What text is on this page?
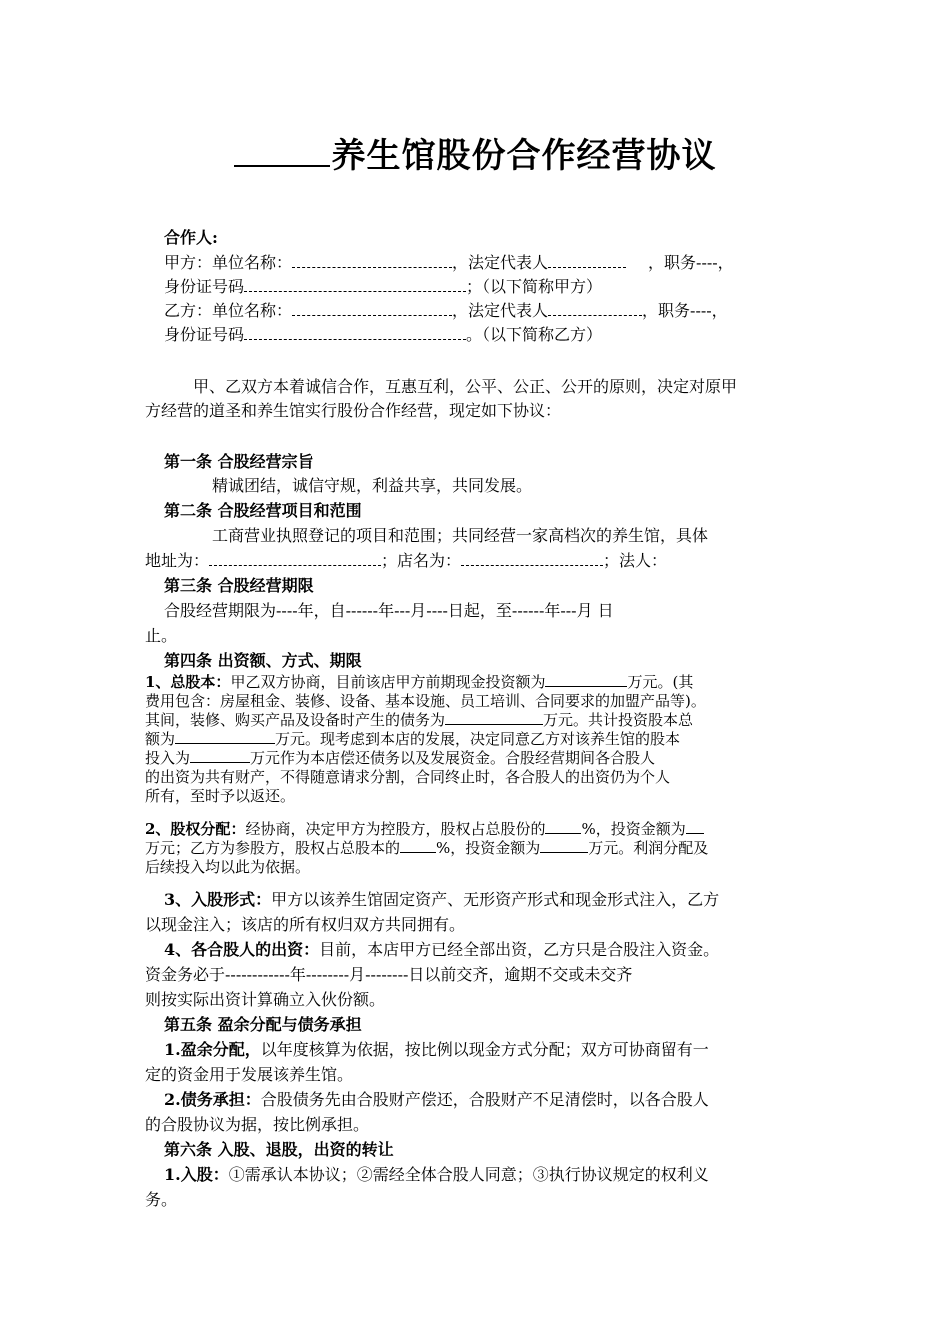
养生馆股份合作经营协议
合作人:
甲方：单位名称：	，法定代表人	，职务----，
身份证号码	；（以下简称甲方）
乙方：单位名称：	，法定代表人	，职务----，
身份证号码	。（以下简称乙方）
甲、乙双方本着诚信合作，互惠互利，公平、公正、公开的原则，决定对原甲
方经营的道圣和养生馆实行股份合作经营，现定如下协议：
第一条 合股经营宗旨
精诚团结，诚信守规，利益共享，共同发展。
第二条 合股经营项目和范围
工商营业执照登记的项目和范围；共同经营一家高档次的养生馆，具体
地址为：	；店名为：	；法人：
第三条 合股经营期限
合股经营期限为----年，自------年---月----日起，至------年---月 日
止。
第四条 出资额、方式、期限
1、总股本：甲乙双方协商，目前该店甲方前期现金投资额为	万元。(其
费用包含：房屋租金、装修、设备、基本设施、员工培训、合同要求的加盟产品等)。
其间，装修、购买产品及设备时产生的债务为	万元。共计投资股本总
额为	万元。现考虑到本店的发展，决定同意乙方对该养生馆的股本
投入为	万元作为本店偿还债务以及发展资金。合股经营期间各合股人
的出资为共有财产，不得随意请求分割，合同终止时，各合股人的出资仍为个人
所有，至时予以返还。
2、股权分配：经协商，决定甲方为控股方，股权占总股份的 %，投资金额为
万元；乙方为参股方，股权占总股本的 %，投资金额为	万元。利润分配及
后续投入均以此为依据。
3、入股形式：甲方以该养生馆固定资产、无形资产形式和现金形式注入，乙方
以现金注入；该店的所有权归双方共同拥有。
4、各合股人的出资：目前，本店甲方已经全部出资，乙方只是合股注入资金。
资金务必于------------年--------月--------日以前交齐，逾期不交或未交齐
则按实际出资计算确立入伙份额。
第五条 盈余分配与债务承担
1.盈余分配，以年度核算为依据，按比例以现金方式分配；双方可协商留有一
定的资金用于发展该养生馆。
2.债务承担：合股债务先由合股财产偿还，合股财产不足清偿时，以各合股人
的合股协议为据，按比例承担。
第六条 入股、退股，出资的转让
1.入股：①需承认本协议；②需经全体合股人同意；③执行协议规定的权利义
务。
